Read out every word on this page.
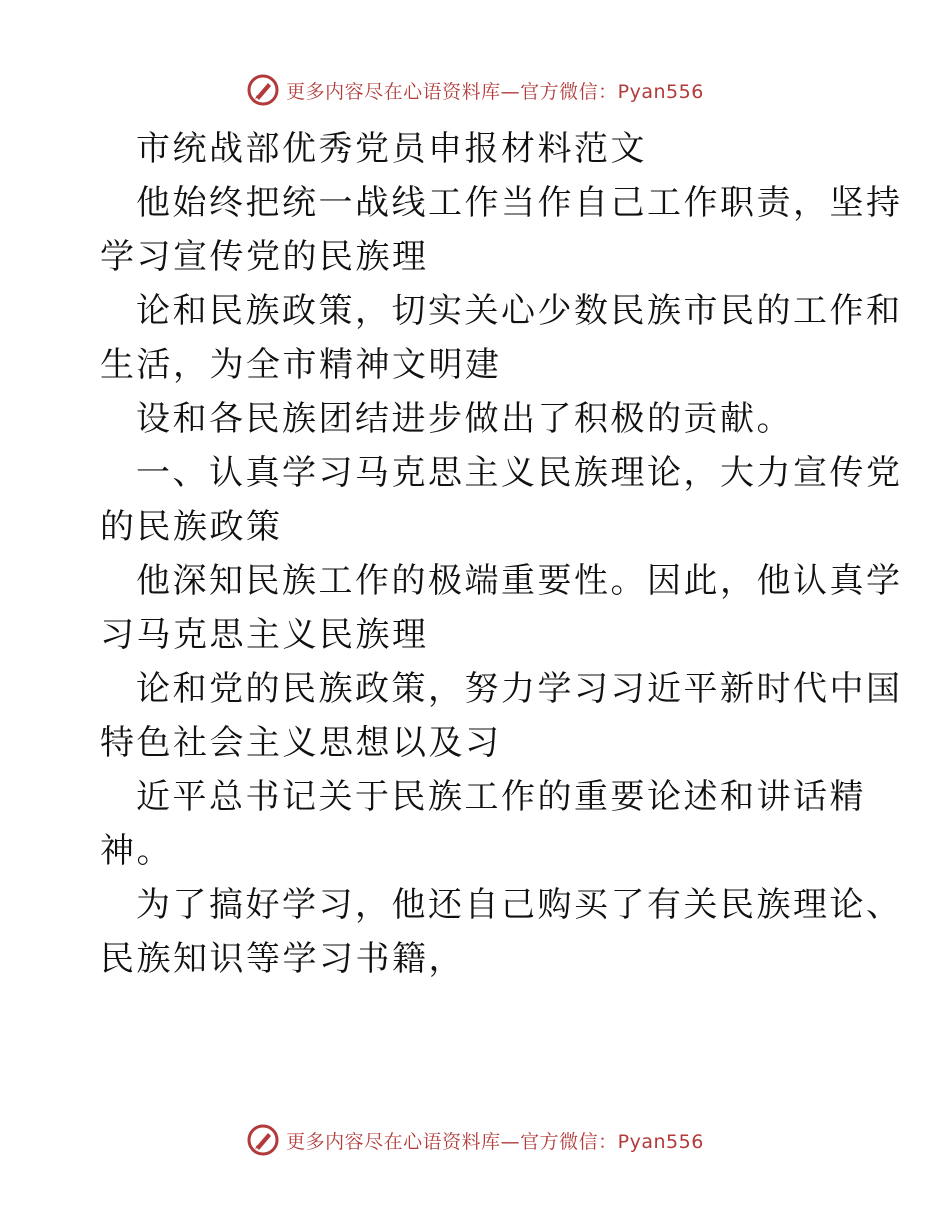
更多内容尽在心语资料库—官方微信：Pyan556
市统战部优秀党员申报材料范文
他始终把统一战线工作当作自己工作职责，坚持
学习宣传党的民族理
论和民族政策，切实关心少数民族市民的工作和
生活，为全市精神文明建
设和各民族团结进步做出了积极的贡献。
一、认真学习马克思主义民族理论，大力宣传党
的民族政策
他深知民族工作的极端重要性。因此，他认真学
习马克思主义民族理
论和党的民族政策，努力学习习近平新时代中国
特色社会主义思想以及习
近平总书记关于民族工作的重要论述和讲话精
神。
为了搞好学习，他还自己购买了有关民族理论、
民族知识等学习书籍，
更多内容尽在心语资料库—官方微信：Pyan556
